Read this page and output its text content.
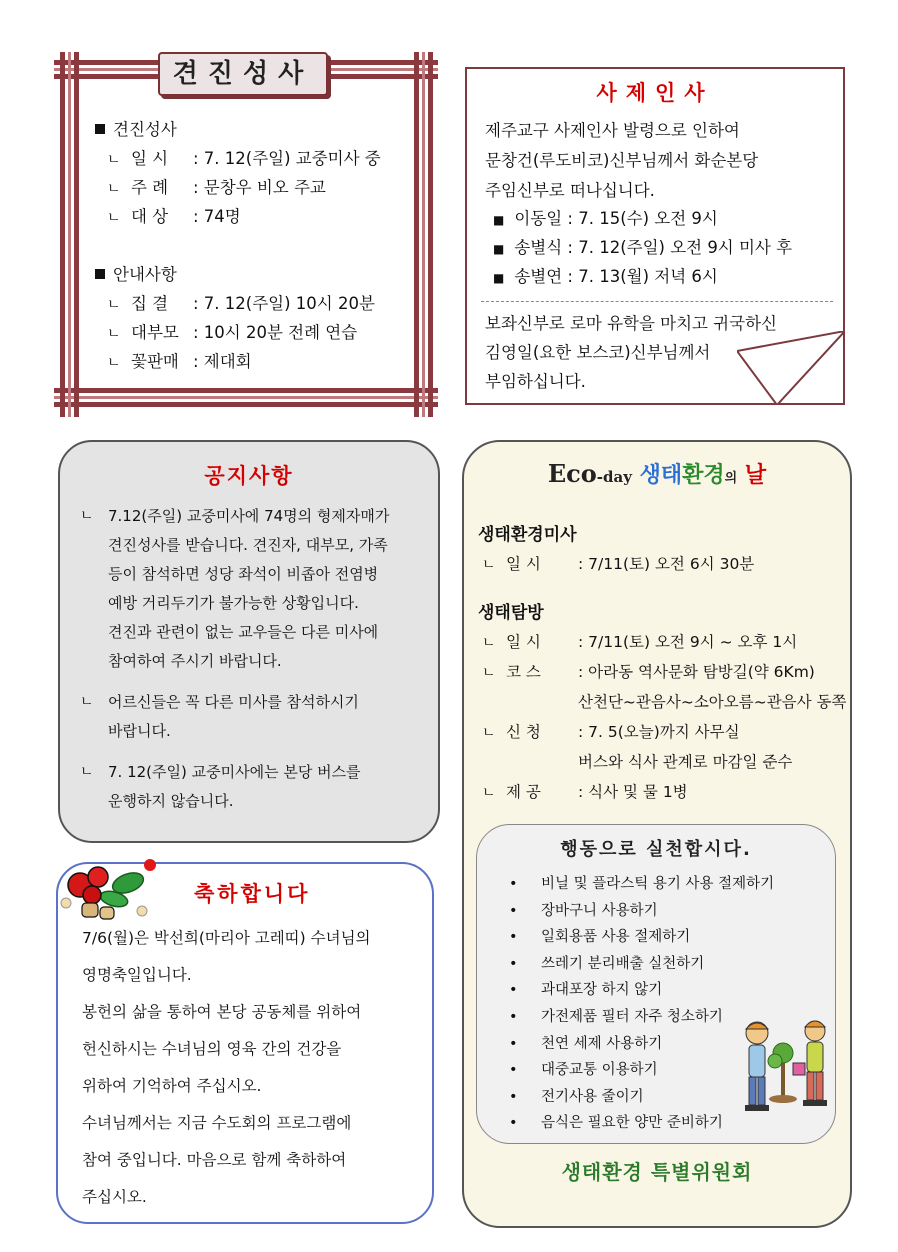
견진성사
견진성사
ㄴ 일 시 : 7. 12(주일) 교중미사 중
ㄴ 주 례 : 문창우 비오 주교
ㄴ 대 상 : 74명
안내사항
ㄴ 집 결 : 7. 12(주일) 10시 20분
ㄴ 대부모 : 10시 20분 전례 연습
ㄴ 꽃판매 : 제대회
사제인사
제주교구 사제인사 발령으로 인하여
문창건(루도비코)신부님께서 화순본당
주임신부로 떠나십니다.
■ 이동일 : 7. 15(수) 오전 9시
■ 송별식 : 7. 12(주일) 오전 9시 미사 후
■ 송별연 : 7. 13(월) 저녁 6시
보좌신부로 로마 유학을 마치고 귀국하신
김영일(요한 보스코)신부님께서
부임하십니다.
공지사항
ㄴ 7.12(주일) 교중미사에 74명의 형제자매가
견진성사를 받습니다. 견진자, 대부모, 가족
등이 참석하면 성당 좌석이 비좁아 전염병
예방 거리두기가 불가능한 상황입니다.
견진과 관련이 없는 교우들은 다른 미사에
참여하여 주시기 바랍니다.
ㄴ 어르신들은 꼭 다른 미사를 참석하시기
바랍니다.
ㄴ 7. 12(주일) 교중미사에는 본당 버스를
운행하지 않습니다.
축하합니다
7/6(월)은 박선희(마리아 고레띠) 수녀님의
영명축일입니다.
봉헌의 삶을 통하여 본당 공동체를 위하여
헌신하시는 수녀님의 영육 간의 건강을
위하여 기억하여 주십시오.
수녀님께서는 지금 수도회의 프로그램에
참여 중입니다. 마음으로 함께 축하하여
주십시오.
Eco-day 생태환경의 날
생태환경미사
ㄴ 일 시 : 7/11(토) 오전 6시 30분
생태탐방
ㄴ 일 시 : 7/11(토) 오전 9시 ~ 오후 1시
ㄴ 코 스 : 아라동 역사문화 탐방길(약 6Km)
산천단~관음사~소아오름~관음사 동쪽
ㄴ 신 청 : 7. 5(오늘)까지 사무실
버스와 식사 관계로 마감일 준수
ㄴ 제 공 : 식사 및 물 1병
행동으로 실천합시다.
• 비닐 및 플라스틱 용기 사용 절제하기
• 장바구니 사용하기
• 일회용품 사용 절제하기
• 쓰레기 분리배출 실천하기
• 과대포장 하지 않기
• 가전제품 필터 자주 청소하기
• 천연 세제 사용하기
• 대중교통 이용하기
• 전기사용 줄이기
• 음식은 필요한 양만 준비하기
생태환경 특별위원회
